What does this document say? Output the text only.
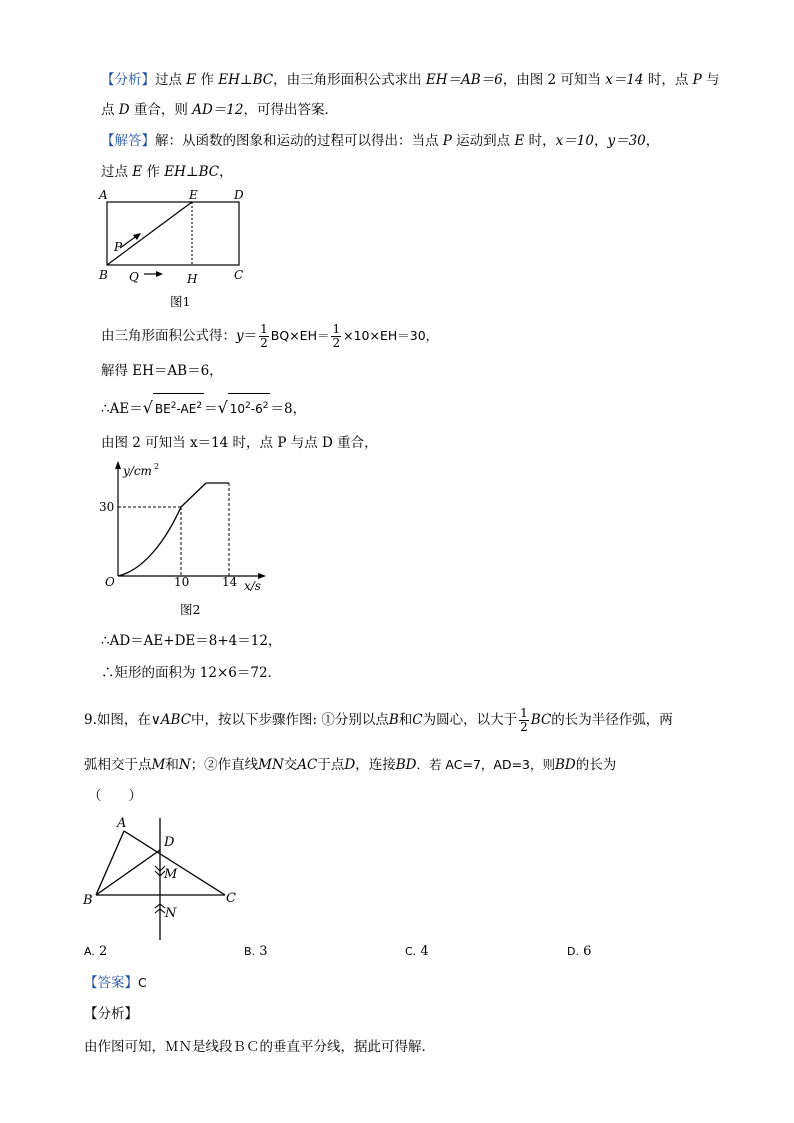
【分析】过点 E 作 EH⊥BC，由三角形面积公式求出 EH＝AB＝6，由图 2 可知当 x＝14 时，点 P 与
点 D 重合，则 AD＝12，可得出答案．
【解答】解：从函数的图象和运动的过程可以得出：当点 P 运动到点 E 时，x＝10，y＝30，
过点 E 作 EH⊥BC，
A	E	D
P
B Q	H	C
图1
由三角形面积公式得：$y= \frac{1}{2} BQ\times EH= \frac{1}{2} \times 10\times EH=30$，
解得 EH＝AB＝6，
∴AE＝√ $BE^2-AE^2$ ＝√ $10^2-6^2 =8$，
由图 2 可知当 x＝14 时，点 P 与点 D 重合，
y/cm 2
30
O	10	14 x/s
图2
∴AD＝AE+DE＝8+4＝12，
∴矩形的面积为 12×6＝72．
9.如图，在∨ABC中，按以下步骤作图: ①分别以点B和C为圆心，以大于 $\frac{1}{2}$ BC的长为半径作弧，两
弧相交于点M和N；②作直线MN交AC于点D，连接BD．若 AC=7，AD=3，则BD的长为
（　　）
A
D
M
B	C
N
A. 2	B. 3	C. 4	D. 6
【答案】C
【分析】
由作图可知，ＭＮ是线段ＢＣ的垂直平分线，据此可得解．
